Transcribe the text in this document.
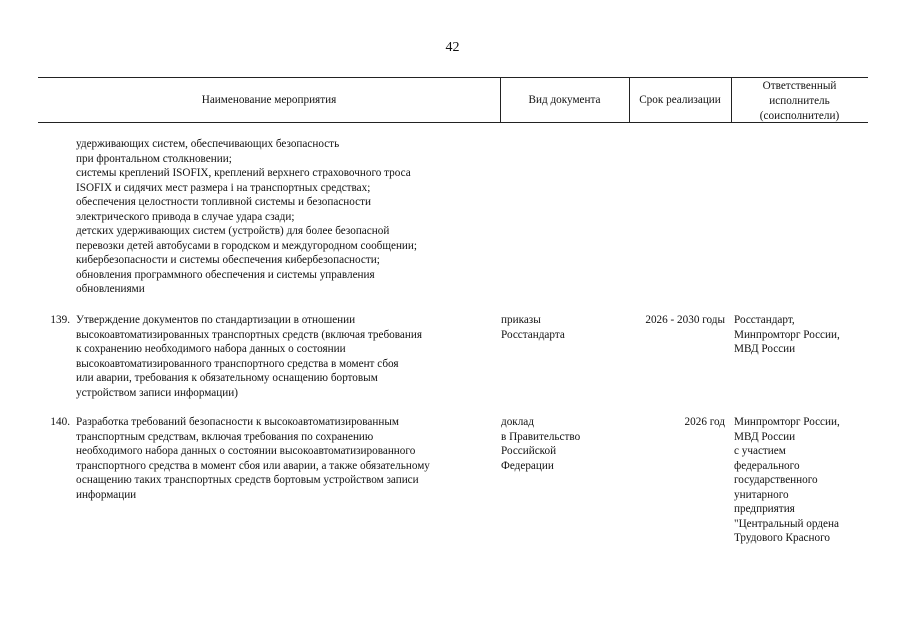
42
Наименование мероприятия	Вид документа	Срок реализации
Ответственный
исполнитель
(соисполнители)
удерживающих систем, обеспечивающих безопасность
при фронтальном столкновении;
системы креплений ISOFIX, креплений верхнего страховочного троса
ISOFIX и сидячих мест размера i на транспортных средствах;
обеспечения целостности топливной системы и безопасности
электрического привода в случае удара сзади;
детских удерживающих систем (устройств) для более безопасной
перевозки детей автобусами в городском и междугородном сообщении;
кибербезопасности и системы обеспечения кибербезопасности;
обновления программного обеспечения и системы управления
обновлениями
139. Утверждение документов по стандартизации в отношении
высокоавтоматизированных транспортных средств (включая требования
к сохранению необходимого набора данных о состоянии
высокоавтоматизированного транспортного средства в момент сбоя
или аварии, требования к обязательному оснащению бортовым
устройством записи информации)
приказы
Росстандарта
2026 - 2030 годы Росстандарт,
Минпромторг России,
МВД России
140. Разработка требований безопасности к высокоавтоматизированным
транспортным средствам, включая требования по сохранению
необходимого набора данных о состоянии высокоавтоматизированного
транспортного средства в момент сбоя или аварии, а также обязательному
оснащению таких транспортных средств бортовым устройством записи
информации
доклад
в Правительство
Российской
Федерации
2026 год Минпромторг России,
МВД России
с участием
федерального
государственного
унитарного
предприятия
"Центральный ордена
Трудового Красного
